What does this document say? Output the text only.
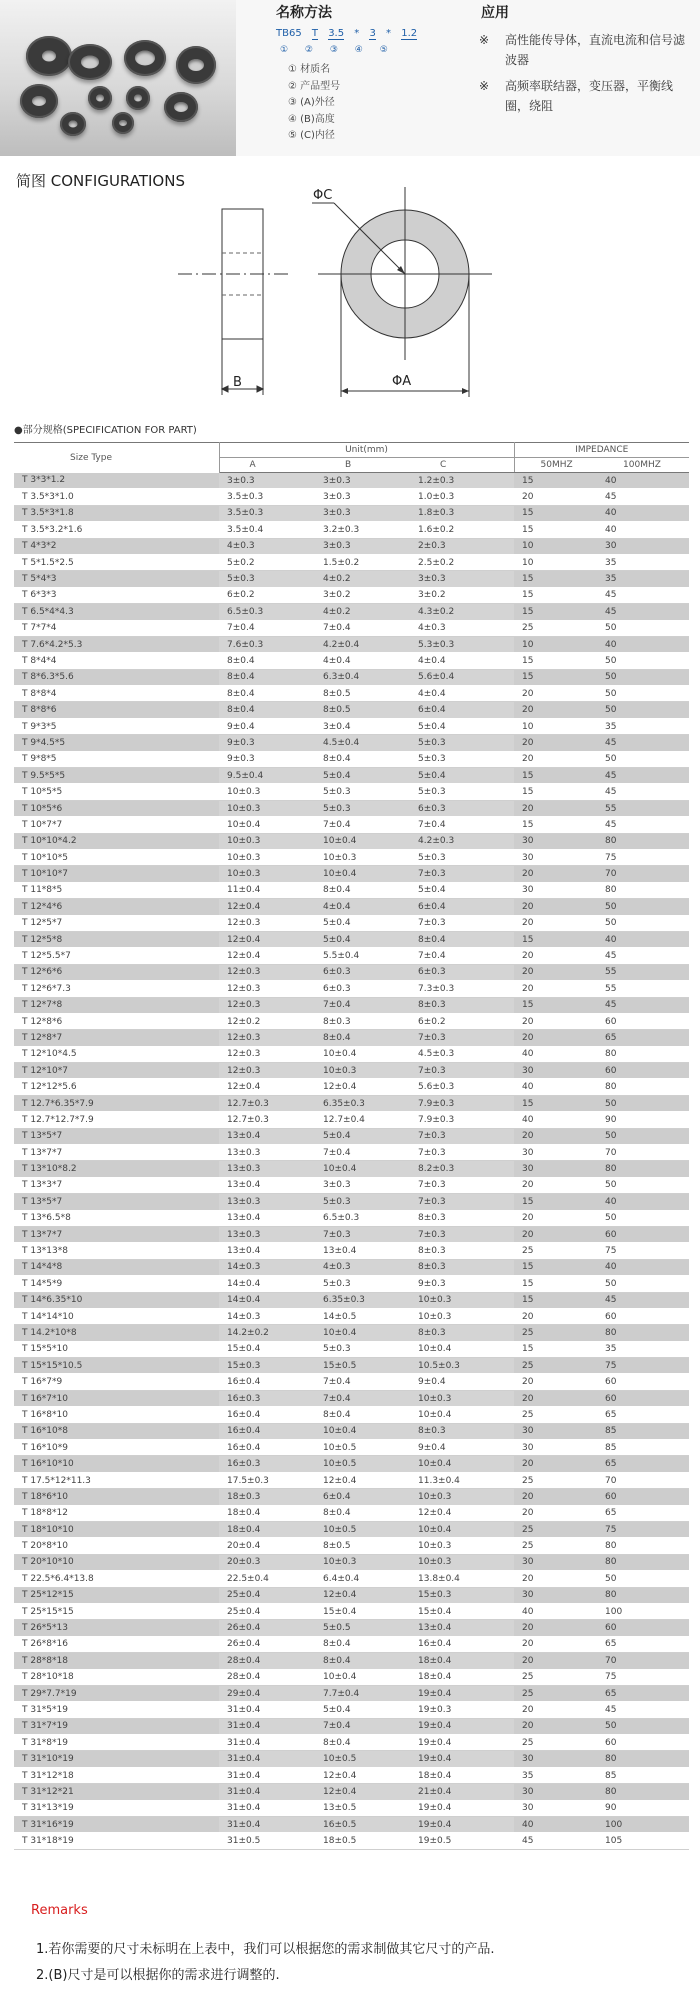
名称方法
TB65 T 3.5 * 3 * 1.2
① ② ③ ④ ⑤
① 材质名
② 产品型号
③ (A)外径
④ (B)高度
⑤ (C)内径
应用
※ 高性能传导体，直流电流和信号滤波器
※ 高频率联结器，变压器，平衡线圈，绕阻
简图 CONFIGURATIONS
B	ΦA
ΦC
●部分规格(SPECIFICATION FOR PART)
Size Type	Unit(mm)			IMPEDANCE	
	A	B	C	50MHZ	100MHZ
T 3*3*1.2	3±0.3	3±0.3	1.2±0.3	15	40
T 3.5*3*1.0	3.5±0.3	3±0.3	1.0±0.3	20	45
T 3.5*3*1.8	3.5±0.3	3±0.3	1.8±0.3	15	40
T 3.5*3.2*1.6	3.5±0.4	3.2±0.3	1.6±0.2	15	40
T 4*3*2	4±0.3	3±0.3	2±0.3	10	30
T 5*1.5*2.5	5±0.2	1.5±0.2	2.5±0.2	10	35
T 5*4*3	5±0.3	4±0.2	3±0.3	15	35
T 6*3*3	6±0.2	3±0.2	3±0.2	15	45
T 6.5*4*4.3	6.5±0.3	4±0.2	4.3±0.2	15	45
T 7*7*4	7±0.4	7±0.4	4±0.3	25	50
T 7.6*4.2*5.3	7.6±0.3	4.2±0.4	5.3±0.3	10	40
T 8*4*4	8±0.4	4±0.4	4±0.4	15	50
T 8*6.3*5.6	8±0.4	6.3±0.4	5.6±0.4	15	50
T 8*8*4	8±0.4	8±0.5	4±0.4	20	50
T 8*8*6	8±0.4	8±0.5	6±0.4	20	50
T 9*3*5	9±0.4	3±0.4	5±0.4	10	35
T 9*4.5*5	9±0.3	4.5±0.4	5±0.3	20	45
T 9*8*5	9±0.3	8±0.4	5±0.3	20	50
T 9.5*5*5	9.5±0.4	5±0.4	5±0.4	15	45
T 10*5*5	10±0.3	5±0.3	5±0.3	15	45
T 10*5*6	10±0.3	5±0.3	6±0.3	20	55
T 10*7*7	10±0.4	7±0.4	7±0.4	15	45
T 10*10*4.2	10±0.3	10±0.4	4.2±0.3	30	80
T 10*10*5	10±0.3	10±0.3	5±0.3	30	75
T 10*10*7	10±0.3	10±0.4	7±0.3	20	70
T 11*8*5	11±0.4	8±0.4	5±0.4	30	80
T 12*4*6	12±0.4	4±0.4	6±0.4	20	50
T 12*5*7	12±0.3	5±0.4	7±0.3	20	50
T 12*5*8	12±0.4	5±0.4	8±0.4	15	40
T 12*5.5*7	12±0.4	5.5±0.4	7±0.4	20	45
T 12*6*6	12±0.3	6±0.3	6±0.3	20	55
T 12*6*7.3	12±0.3	6±0.3	7.3±0.3	20	55
T 12*7*8	12±0.3	7±0.4	8±0.3	15	45
T 12*8*6	12±0.2	8±0.3	6±0.2	20	60
T 12*8*7	12±0.3	8±0.4	7±0.3	20	65
T 12*10*4.5	12±0.3	10±0.4	4.5±0.3	40	80
T 12*10*7	12±0.3	10±0.3	7±0.3	30	60
T 12*12*5.6	12±0.4	12±0.4	5.6±0.3	40	80
T 12.7*6.35*7.9	12.7±0.3	6.35±0.3	7.9±0.3	15	50
T 12.7*12.7*7.9	12.7±0.3	12.7±0.4	7.9±0.3	40	90
T 13*5*7	13±0.4	5±0.4	7±0.3	20	50
T 13*7*7	13±0.3	7±0.4	7±0.3	30	70
T 13*10*8.2	13±0.3	10±0.4	8.2±0.3	30	80
T 13*3*7	13±0.4	3±0.3	7±0.3	20	50
T 13*5*7	13±0.3	5±0.3	7±0.3	15	40
T 13*6.5*8	13±0.4	6.5±0.3	8±0.3	20	50
T 13*7*7	13±0.3	7±0.3	7±0.3	20	60
T 13*13*8	13±0.4	13±0.4	8±0.3	25	75
T 14*4*8	14±0.3	4±0.3	8±0.3	15	40
T 14*5*9	14±0.4	5±0.3	9±0.3	15	50
T 14*6.35*10	14±0.4	6.35±0.3	10±0.3	15	45
T 14*14*10	14±0.3	14±0.5	10±0.3	20	60
T 14.2*10*8	14.2±0.2	10±0.4	8±0.3	25	80
T 15*5*10	15±0.4	5±0.3	10±0.4	15	35
T 15*15*10.5	15±0.3	15±0.5	10.5±0.3	25	75
T 16*7*9	16±0.4	7±0.4	9±0.4	20	60
T 16*7*10	16±0.3	7±0.4	10±0.3	20	60
T 16*8*10	16±0.4	8±0.4	10±0.4	25	65
T 16*10*8	16±0.4	10±0.4	8±0.3	30	85
T 16*10*9	16±0.4	10±0.5	9±0.4	30	85
T 16*10*10	16±0.3	10±0.5	10±0.4	20	65
T 17.5*12*11.3	17.5±0.3	12±0.4	11.3±0.4	25	70
T 18*6*10	18±0.3	6±0.4	10±0.3	20	60
T 18*8*12	18±0.4	8±0.4	12±0.4	20	65
T 18*10*10	18±0.4	10±0.5	10±0.4	25	75
T 20*8*10	20±0.4	8±0.5	10±0.3	25	80
T 20*10*10	20±0.3	10±0.3	10±0.3	30	80
T 22.5*6.4*13.8	22.5±0.4	6.4±0.4	13.8±0.4	20	50
T 25*12*15	25±0.4	12±0.4	15±0.3	30	80
T 25*15*15	25±0.4	15±0.4	15±0.4	40	100
T 26*5*13	26±0.4	5±0.5	13±0.4	20	60
T 26*8*16	26±0.4	8±0.4	16±0.4	20	65
T 28*8*18	28±0.4	8±0.4	18±0.4	20	70
T 28*10*18	28±0.4	10±0.4	18±0.4	25	75
T 29*7.7*19	29±0.4	7.7±0.4	19±0.4	25	65
T 31*5*19	31±0.4	5±0.4	19±0.3	20	45
T 31*7*19	31±0.4	7±0.4	19±0.4	20	50
T 31*8*19	31±0.4	8±0.4	19±0.4	25	60
T 31*10*19	31±0.4	10±0.5	19±0.4	30	80
T 31*12*18	31±0.4	12±0.4	18±0.4	35	85
T 31*12*21	31±0.4	12±0.4	21±0.4	30	80
T 31*13*19	31±0.4	13±0.5	19±0.4	30	90
T 31*16*19	31±0.4	16±0.5	19±0.4	40	100
T 31*18*19	31±0.5	18±0.5	19±0.5	45	105
Remarks
1.若你需要的尺寸未标明在上表中，我们可以根据您的需求制做其它尺寸的产品.
2.(B)尺寸是可以根据你的需求进行调整的.
